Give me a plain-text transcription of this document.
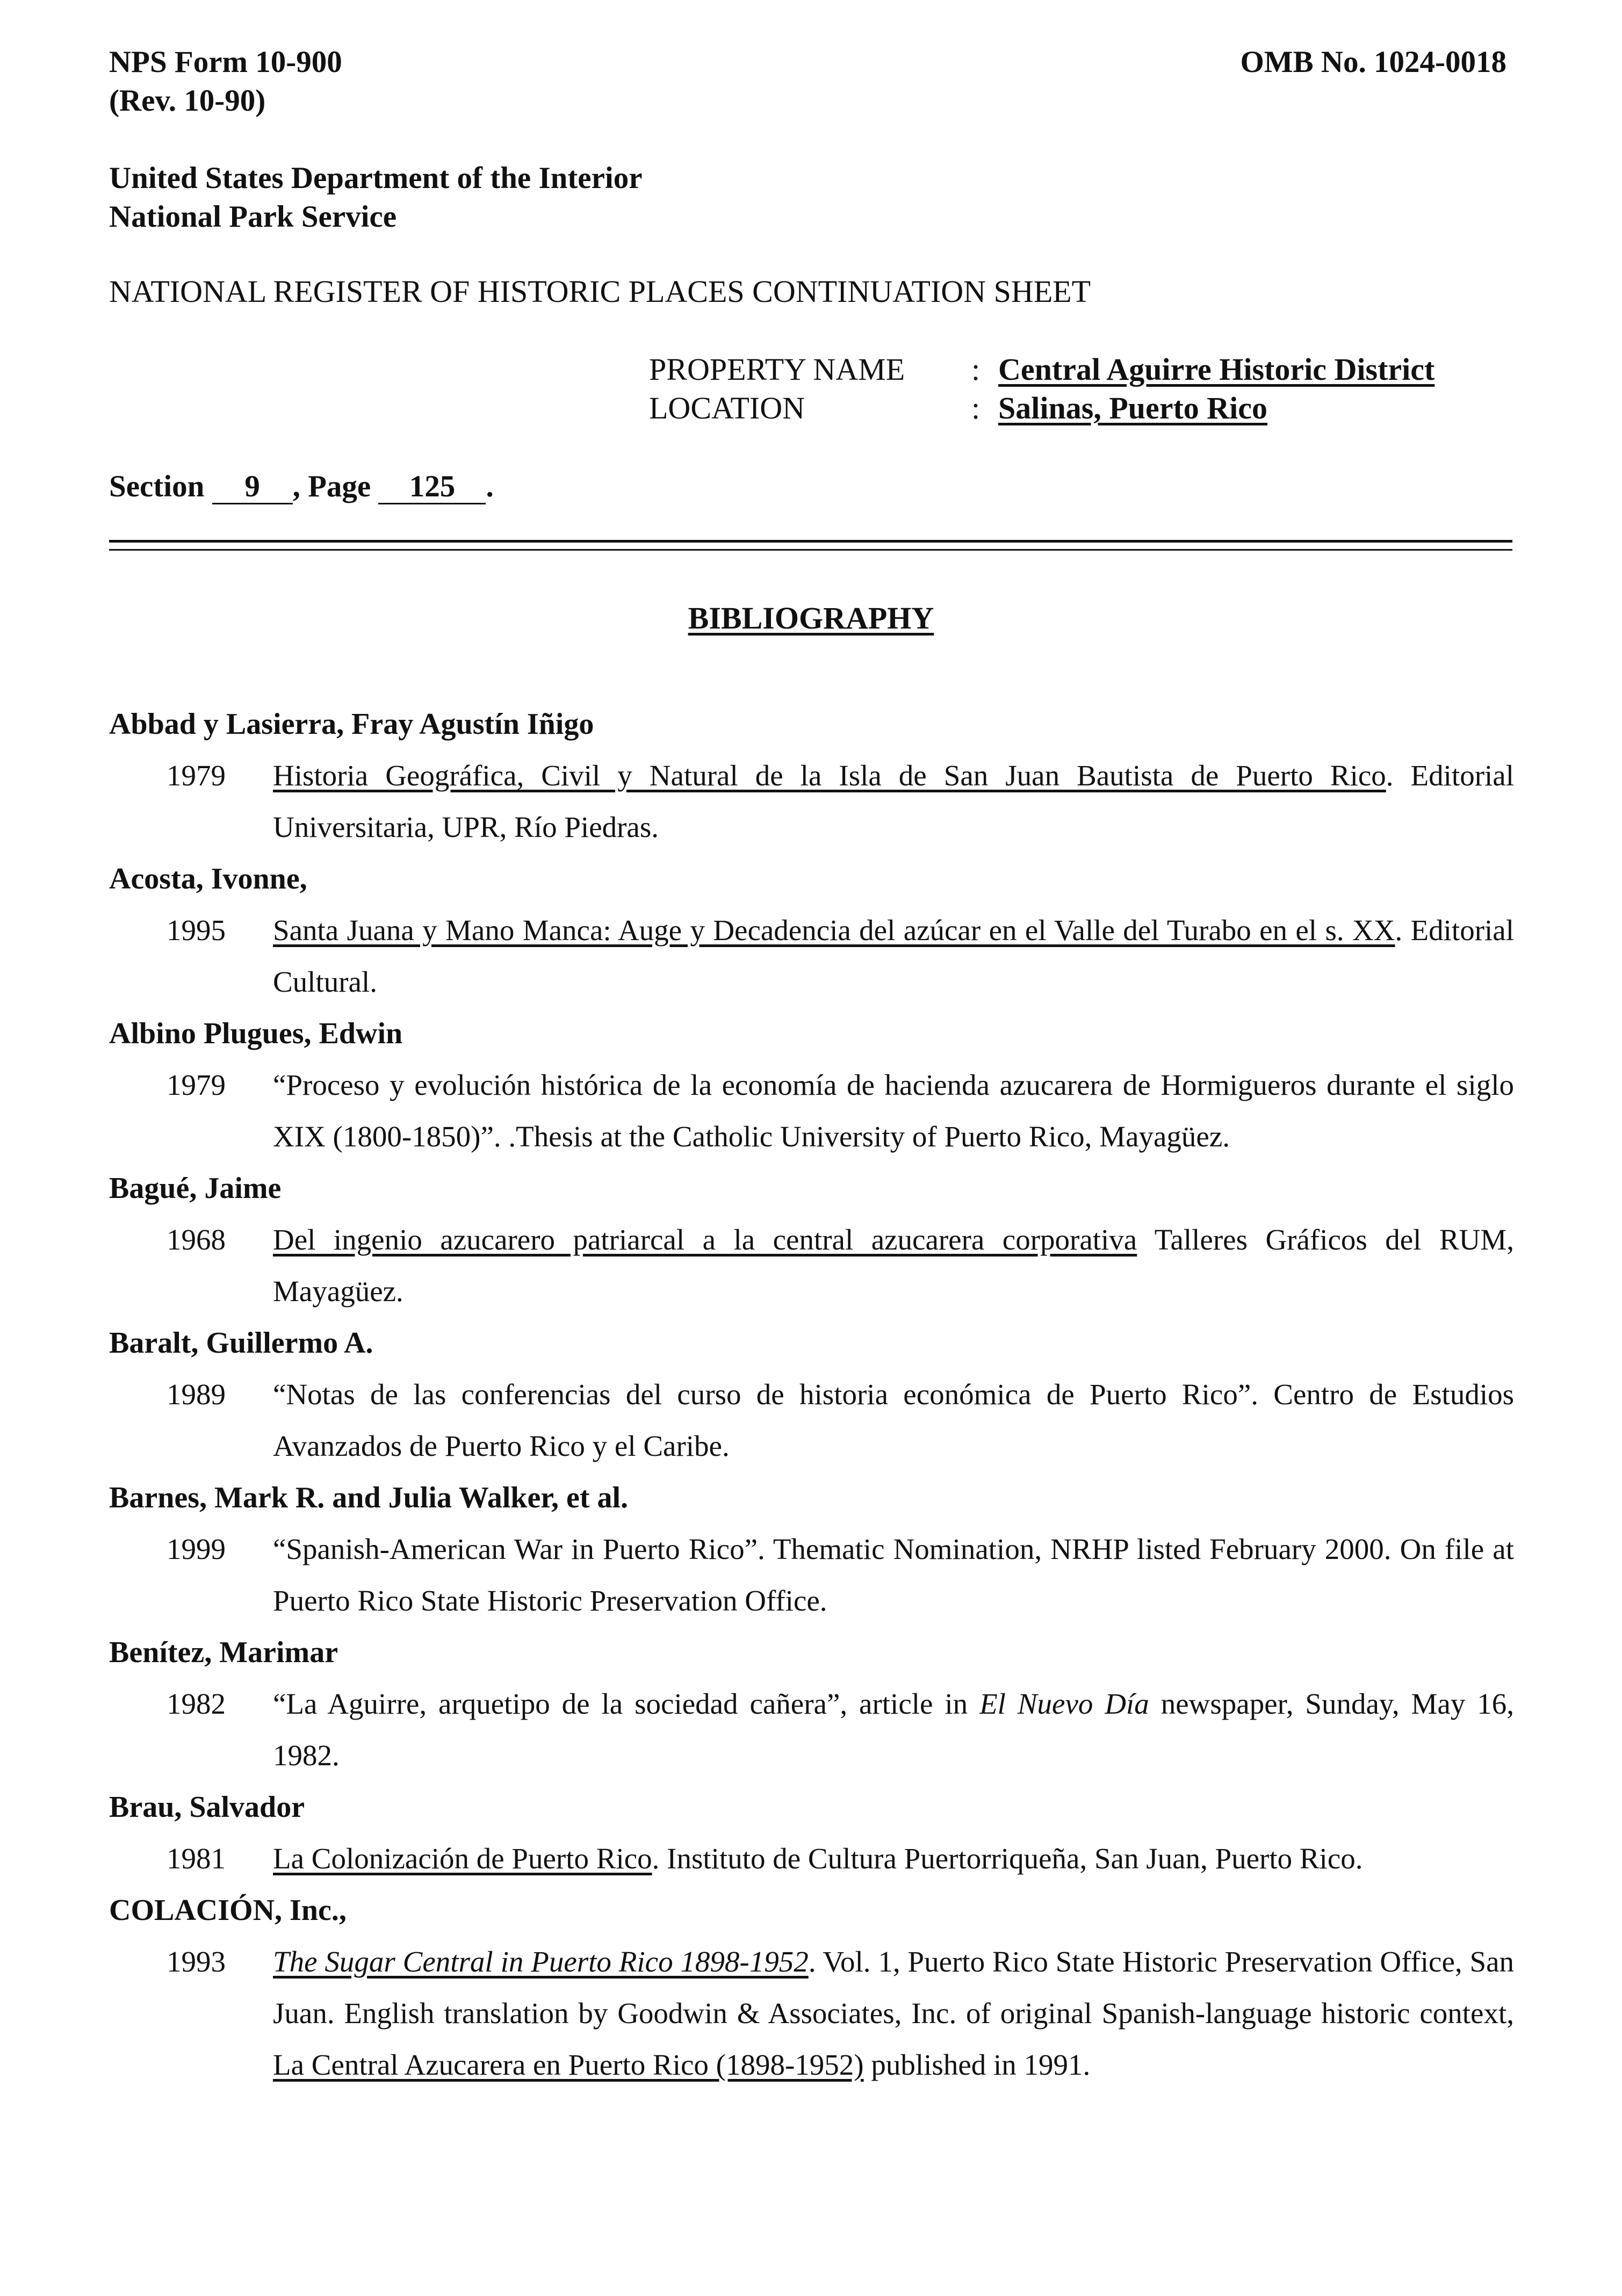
NPS Form 10-900
(Rev. 10-90)
OMB No. 1024-0018
United States Department of the Interior
National Park Service
NATIONAL REGISTER OF HISTORIC PLACES CONTINUATION SHEET
PROPERTY NAME	: Central Aguirre Historic District
LOCATION	: Salinas, Puerto Rico
Section 9 , Page 125 .
BIBLIOGRAPHY
Abbad y Lasierra, Fray Agustín Iñigo
1979	Historia Geográfica, Civil y Natural de la Isla de San Juan Bautista de Puerto Rico. Editorial Universitaria, UPR, Río Piedras.
Acosta, Ivonne,
1995	Santa Juana y Mano Manca: Auge y Decadencia del azúcar en el Valle del Turabo en el s. XX. Editorial Cultural.
Albino Plugues, Edwin
1979	“Proceso y evolución histórica de la economía de hacienda azucarera de Hormigueros durante el siglo XIX (1800-1850)”. .Thesis at the Catholic University of Puerto Rico, Mayagüez.
Bagué, Jaime
1968	Del ingenio azucarero patriarcal a la central azucarera corporativa Talleres Gráficos del RUM, Mayagüez.
Baralt, Guillermo A.
1989	“Notas de las conferencias del curso de historia económica de Puerto Rico”. Centro de Estudios Avanzados de Puerto Rico y el Caribe.
Barnes, Mark R. and Julia Walker, et al.
1999	“Spanish-American War in Puerto Rico”. Thematic Nomination, NRHP listed February 2000. On file at Puerto Rico State Historic Preservation Office.
Benítez, Marimar
1982	“La Aguirre, arquetipo de la sociedad cañera”, article in El Nuevo Día newspaper, Sunday, May 16, 1982.
Brau, Salvador
1981	La Colonización de Puerto Rico. Instituto de Cultura Puertorriqueña, San Juan, Puerto Rico.
COLACIÓN, Inc.,
1993	The Sugar Central in Puerto Rico 1898-1952. Vol. 1, Puerto Rico State Historic Preservation Office, San Juan. English translation by Goodwin & Associates, Inc. of original Spanish-language historic context, La Central Azucarera en Puerto Rico (1898-1952) published in 1991.
